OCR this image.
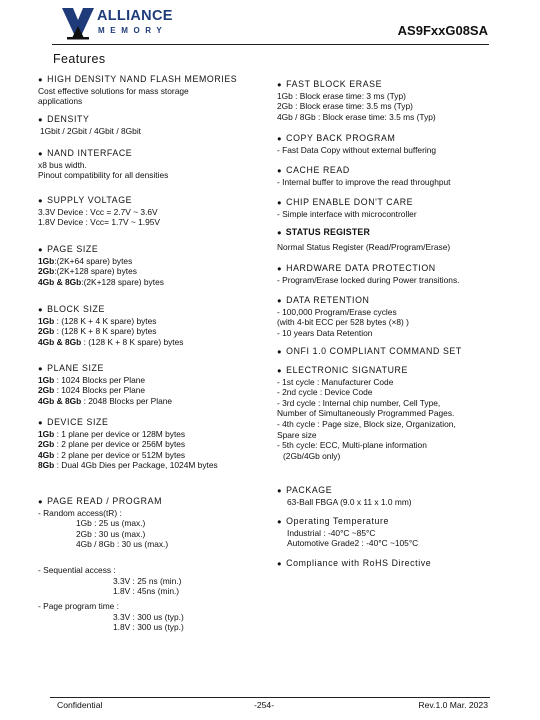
ALLIANCE
MEMORY	AS9FxxG08SA
Features
● HIGH DENSITY NAND FLASH MEMORIES
Cost effective solutions for mass storage
applications
● DENSITY
1Gbit / 2Gbit / 4Gbit / 8Gbit
● NAND INTERFACE
x8 bus width.
Pinout compatibility for all densities
● SUPPLY VOLTAGE
3.3V Device : Vcc = 2.7V ~ 3.6V
1.8V Device : Vcc= 1.7V ~ 1.95V
● PAGE SIZE
1Gb:(2K+64 spare) bytes
2Gb:(2K+128 spare) bytes
4Gb & 8Gb:(2K+128 spare) bytes
● BLOCK SIZE
1Gb : (128 K + 4 K spare) bytes
2Gb : (128 K + 8 K spare) bytes
4Gb & 8Gb : (128 K + 8 K spare) bytes
● PLANE SIZE
1Gb : 1024 Blocks per Plane
2Gb : 1024 Blocks per Plane
4Gb & 8Gb : 2048 Blocks per Plane
● DEVICE SIZE
1Gb : 1 plane per device or 128M bytes
2Gb : 2 plane per device or 256M bytes
4Gb : 2 plane per device or 512M bytes
8Gb : Dual 4Gb Dies per Package, 1024M bytes
● PAGE READ / PROGRAM
- Random access(tR) :
1Gb : 25 us (max.)
2Gb : 30 us (max.)
4Gb / 8Gb : 30 us (max.)
- Sequential access :
3.3V : 25 ns (min.)
1.8V : 45ns (min.)
- Page program time :
3.3V : 300 us (typ.)
1.8V : 300 us (typ.)
● FAST BLOCK ERASE
1Gb : Block erase time: 3 ms (Typ)
2Gb : Block erase time: 3.5 ms (Typ)
4Gb / 8Gb : Block erase time: 3.5 ms (Typ)
● COPY BACK PROGRAM
- Fast Data Copy without external buffering
● CACHE READ
- Internal buffer to improve the read throughput
● CHIP ENABLE DON'T CARE
- Simple interface with microcontroller
● STATUS REGISTER
Normal Status Register (Read/Program/Erase)
● HARDWARE DATA PROTECTION
- Program/Erase locked during Power transitions.
● DATA RETENTION
- 100,000 Program/Erase cycles
(with 4-bit ECC per 528 bytes (×8) )
- 10 years Data Retention
● ONFI 1.0 COMPLIANT COMMAND SET
● ELECTRONIC SIGNATURE
- 1st cycle : Manufacturer Code
- 2nd cycle : Device Code
- 3rd cycle : Internal chip number, Cell Type,
Number of Simultaneously Programmed Pages.
- 4th cycle : Page size, Block size, Organization,
Spare size
- 5th cycle: ECC, Multi-plane information
(2Gb/4Gb only)
● PACKAGE
63-Ball FBGA (9.0 x 11 x 1.0 mm)
● Operating Temperature
Industrial : -40°C ~85°C
Automotive Grade2 : -40°C ~105°C
● Compliance with RoHS Directive
Confidential	-254-	Rev.1.0 Mar. 2023
